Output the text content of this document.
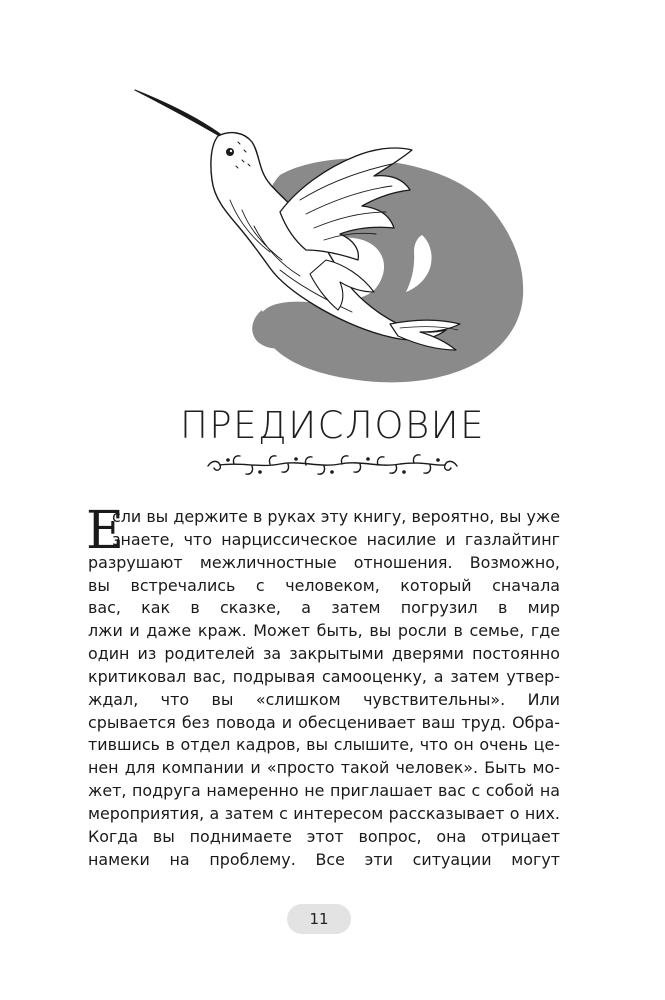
ПРЕДИСЛОВИЕ
Е
сли вы держите в руках эту книгу, вероятно, вы уже
знаете, что нарциссическое насилие и газлайтинг
разрушают межличностные отношения. Возможно,
вы встречались с человеком, который сначала
вас, как в сказке, а затем погрузил в мир
лжи и даже краж. Может быть, вы росли в семье, где
один из родителей за закрытыми дверями постоянно
критиковал вас, подрывая самооценку, а затем утвер-
ждал, что вы «слишком чувствительны». Или
срывается без повода и обесценивает ваш труд. Обра-
тившись в отдел кадров, вы слышите, что он очень це-
нен для компании и «просто такой человек». Быть мо-
жет, подруга намеренно не приглашает вас с собой на
мероприятия, а затем с интересом рассказывает о них.
Когда вы поднимаете этот вопрос, она отрицает
намеки на проблему. Все эти ситуации могут
11
